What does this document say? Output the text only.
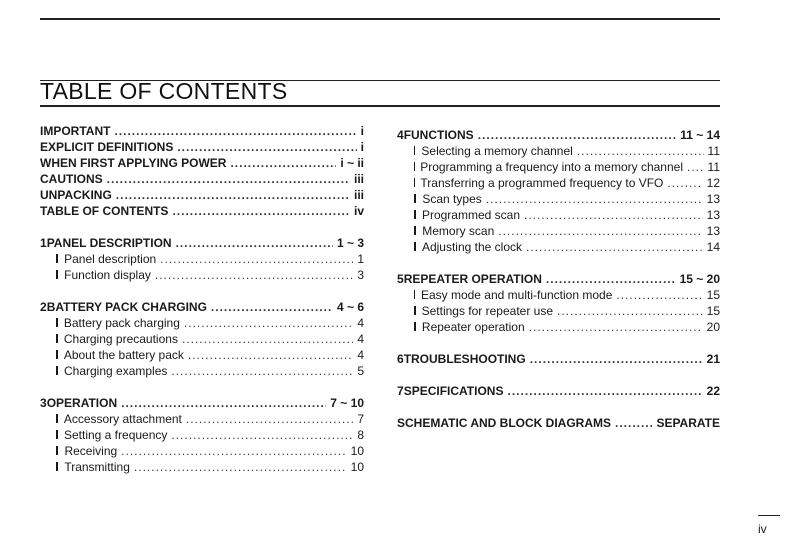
TABLE OF CONTENTS
IMPORTANT .....	i
EXPLICIT DEFINITIONS .....	i
WHEN FIRST APPLYING POWER .....	i ~ ii
CAUTIONS .....	iii
UNPACKING .....	iii
TABLE OF CONTENTS .....	iv
1 PANEL DESCRIPTION .....	1 ~ 3
Panel description .....	1
Function display .....	3
2 BATTERY PACK CHARGING .....	4 ~ 6
Battery pack charging .....	4
Charging precautions .....	4
About the battery pack .....	4
Charging examples .....	5
3 OPERATION .....	7 ~ 10
Accessory attachment .....	7
Setting a frequency .....	8
Receiving .....	10
Transmitting .....	10
4 FUNCTIONS .....	11 ~ 14
Selecting a memory channel .....	11
Programming a frequency into a memory channel ..... 11
Transferring a programmed frequency to VFO .....	12
Scan types .....	13
Programmed scan .....	13
Memory scan .....	13
Adjusting the clock .....	14
5 REPEATER OPERATION .....	15 ~ 20
Easy mode and multi-function mode .....	15
Settings for repeater use .....	15
Repeater operation .....	20
6 TROUBLESHOOTING .....	21
7 SPECIFICATIONS .....	22
SCHEMATIC AND BLOCK DIAGRAMS .....	SEPARATE
iv
